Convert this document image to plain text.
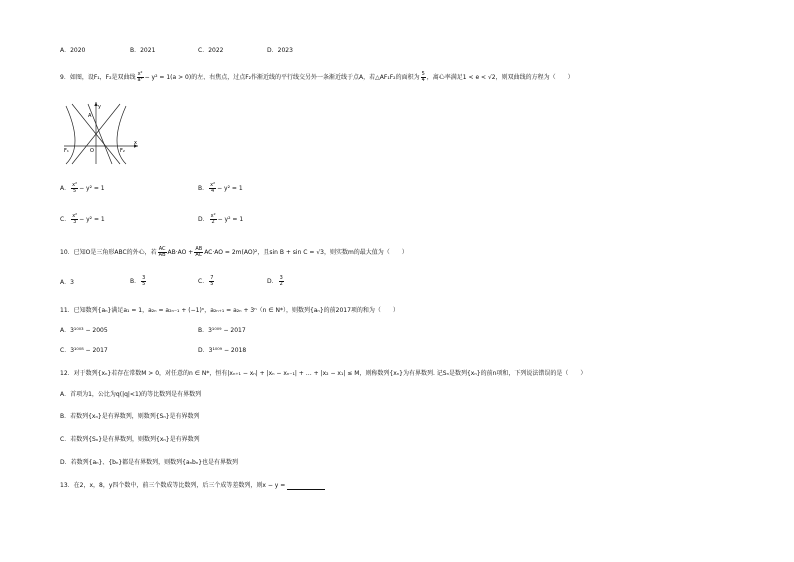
A．2020	B．2021	C．2022	D．2023
9．如图，设F₁，F₂是双曲线 $\frac{\text{x²}}{\text{a²}} - y^2 = 1(a > 0)$的左、右焦点，过点F₂作渐近线的平行线交另外一条渐近线于点A，若△AF₁F₂的面积为 $\frac{5}{4}$ ，离心率满足1 < e < √2，则双曲线的方程为（　　）
y
x
O
F₁	F₂
A
A． $\frac{\text{x²}}{5} - y^2 = 1$	B． $\frac{\text{x²}}{4} - y^2 = 1$
C． $\frac{\text{x²}}{3} - y^2 = 1$	D． $\frac{\text{x²}}{2} - y^2 = 1$
10．已知O是三角形ABC的外心，若 $\frac{AC}{AB} AB\cdot AO + \frac{AB}{AC} AC\cdot AO = 2m(AO)^2$，且sin B + sin C = √3，则实数m的最大值为（　　）
A．3	B． $\frac{3}{5}$	C． $\frac{7}{5}$	D． $\frac{3}{2}$
11．已知数列{aₙ}满足a₁ = 1，a₂ₙ = a₂ₙ₋₁ + (−1)ⁿ，a₂ₙ₊₁ = a₂ₙ + 3ⁿ（n ∈ N*），则数列{aₙ}的前2017项的和为（　　）
A．3¹⁰⁰³ − 2005	B．3¹⁰⁰⁹ − 2017
C．3¹⁰⁰⁸ − 2017	D．3¹⁰⁰⁹ − 2018
12．对于数列{xₙ}若存在常数M > 0，对任意的n ∈ N*，恒有|xₙ₊₁ − xₙ| + |xₙ − xₙ₋₁| + … + |x₂ − x₁| ≤ M，则称数列{xₙ}为有界数列. 记Sₙ是数列{xₙ}的前n项和，下列说法错误的是（　　）
A．首项为1，公比为q(|q|<1)的等比数列是有界数列
B．若数列{xₙ}是有界数列，则数列{Sₙ}是有界数列
C．若数列{Sₙ}是有界数列，则数列{xₙ}是有界数列
D．若数列{aₙ}、{bₙ}都是有界数列，则数列{aₙbₙ}也是有界数列
13．在2，x，8，y四个数中，前三个数成等比数列，后三个成等差数列，则x − y =
